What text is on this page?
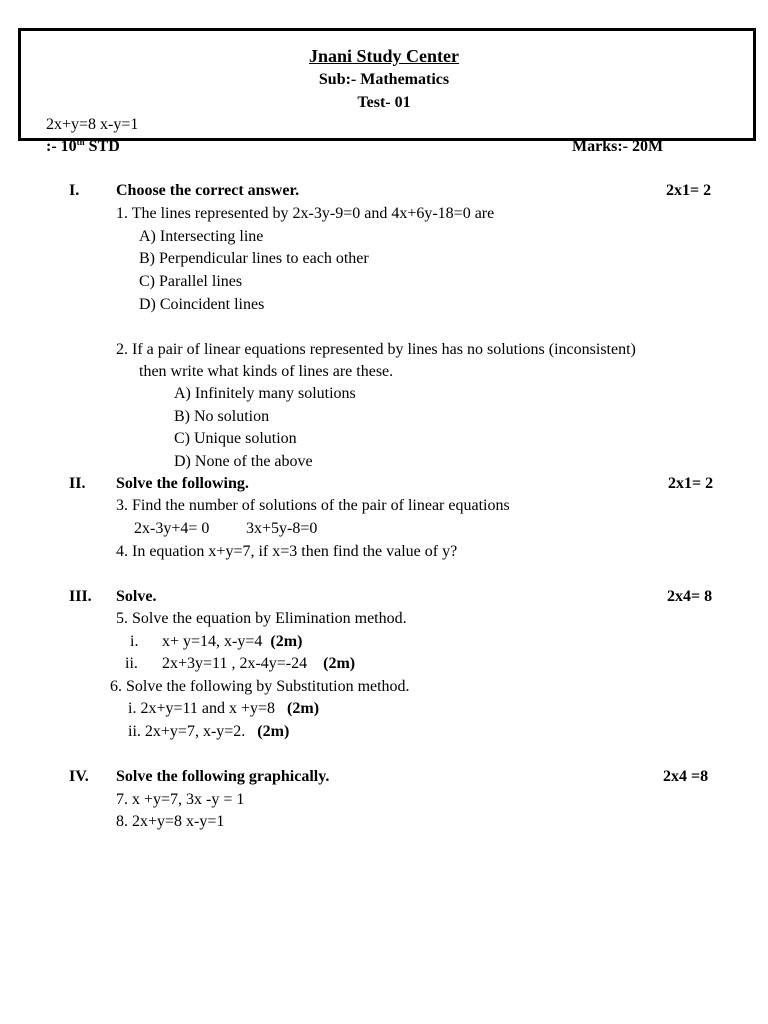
Jnani Study Center
Sub:- Mathematics
Test- 01
2x+y=8 x-y=1
:- 10th STD	Marks:- 20M
I. Choose the correct answer.	2x1= 2
1. The lines represented by 2x-3y-9=0 and 4x+6y-18=0 are
A) Intersecting line
B) Perpendicular lines to each other
C) Parallel lines
D) Coincident lines
2. If a pair of linear equations represented by lines has no solutions (inconsistent)
then write what kinds of lines are these.
A) Infinitely many solutions
B) No solution
C) Unique solution
D) None of the above
II. Solve the following.	2x1= 2
3. Find the number of solutions of the pair of linear equations
2x-3y+4= 0 3x+5y-8=0
4. In equation x+y=7, if x=3 then find the value of y?
III. Solve.	2x4= 8
5. Solve the equation by Elimination method.
i. x+ y=14, x-y=4 (2m)
ii. 2x+3y=11 , 2x-4y=-24 (2m)
6. Solve the following by Substitution method.
i. 2x+y=11 and x +y=8 (2m)
ii. 2x+y=7, x-y=2. (2m)
IV. Solve the following graphically.	2x4 =8
7. x +y=7, 3x -y = 1
8. 2x+y=8 x-y=1
